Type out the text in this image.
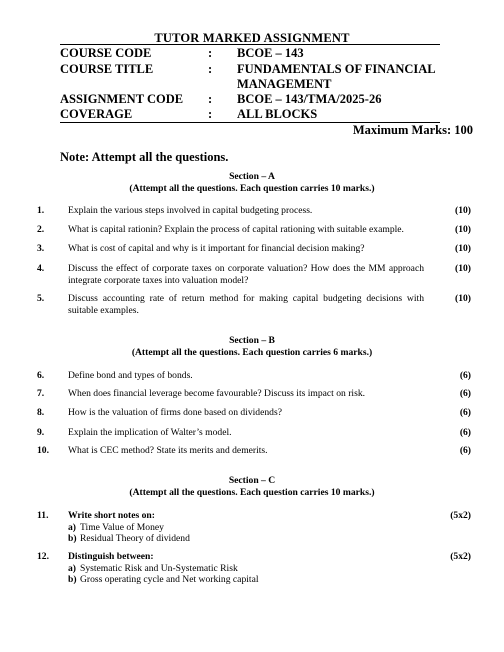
TUTOR MARKED ASSIGNMENT
COURSE CODE	: BCOE – 143
COURSE TITLE	: FUNDAMENTALS OF FINANCIAL
MANAGEMENT
ASSIGNMENT CODE : BCOE – 143/TMA/2025-26
COVERAGE	: ALL BLOCKS
Maximum Marks: 100
Note: Attempt all the questions.
Section – A
(Attempt all the questions. Each question carries 10 marks.)
1. Explain the various steps involved in capital budgeting process.	(10)
2. What is capital rationin? Explain the process of capital rationing with suitable example.	(10)
3. What is cost of capital and why is it important for financial decision making?	(10)
4. Discuss the effect of corporate taxes on corporate valuation? How does the MM approach integrate corporate taxes into valuation model?
(10)
5. Discuss accounting rate of return method for making capital budgeting decisions with suitable examples.
(10)
Section – B
(Attempt all the questions. Each question carries 6 marks.)
6. Define bond and types of bonds.	(6)
7. When does financial leverage become favourable? Discuss its impact on risk.	(6)
8. How is the valuation of firms done based on dividends?	(6)
9. Explain the implication of Walter’s model.	(6)
10. What is CEC method? State its merits and demerits.	(6)
Section – C
(Attempt all the questions. Each question carries 10 marks.)
11. Write short notes on:
a) Time Value of Money
b) Residual Theory of dividend
(5x2)
12. Distinguish between:
a) Systematic Risk and Un-Systematic Risk
b) Gross operating cycle and Net working capital
(5x2)
